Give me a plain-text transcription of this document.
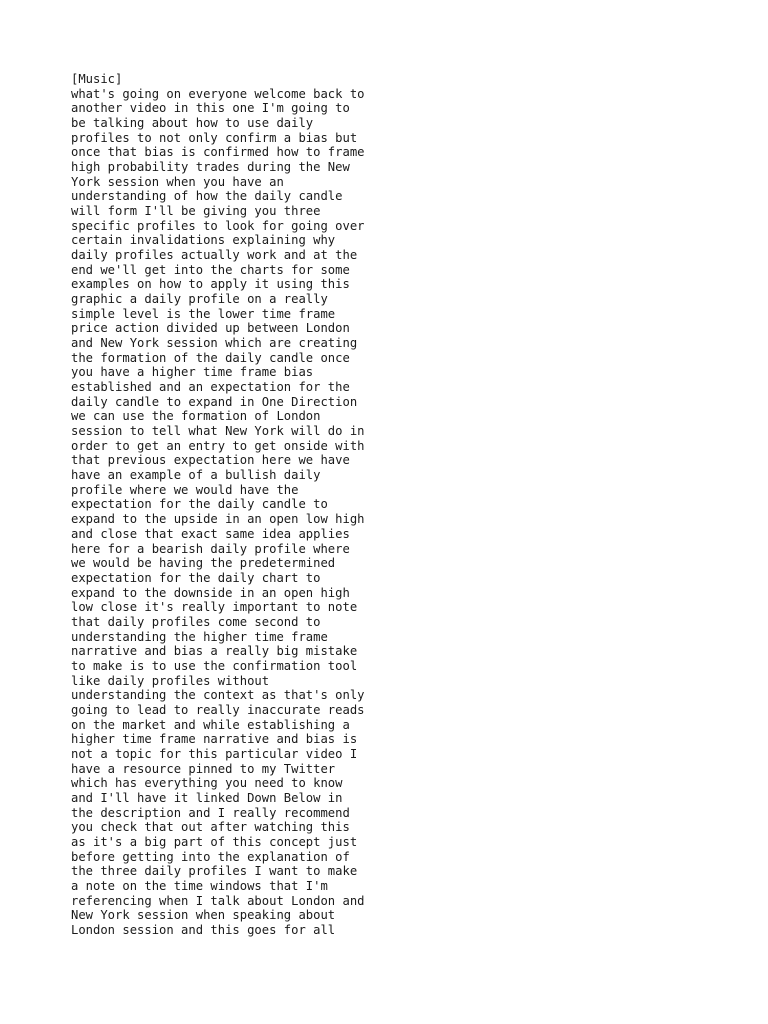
[Music]
what's going on everyone welcome back to
another video in this one I'm going to
be talking about how to use daily
profiles to not only confirm a bias but
once that bias is confirmed how to frame
high probability trades during the New
York session when you have an
understanding of how the daily candle
will form I'll be giving you three
specific profiles to look for going over
certain invalidations explaining why
daily profiles actually work and at the
end we'll get into the charts for some
examples on how to apply it using this
graphic a daily profile on a really
simple level is the lower time frame
price action divided up between London
and New York session which are creating
the formation of the daily candle once
you have a higher time frame bias
established and an expectation for the
daily candle to expand in One Direction
we can use the formation of London
session to tell what New York will do in
order to get an entry to get onside with
that previous expectation here we have
have an example of a bullish daily
profile where we would have the
expectation for the daily candle to
expand to the upside in an open low high
and close that exact same idea applies
here for a bearish daily profile where
we would be having the predetermined
expectation for the daily chart to
expand to the downside in an open high
low close it's really important to note
that daily profiles come second to
understanding the higher time frame
narrative and bias a really big mistake
to make is to use the confirmation tool
like daily profiles without
understanding the context as that's only
going to lead to really inaccurate reads
on the market and while establishing a
higher time frame narrative and bias is
not a topic for this particular video I
have a resource pinned to my Twitter
which has everything you need to know
and I'll have it linked Down Below in
the description and I really recommend
you check that out after watching this
as it's a big part of this concept just
before getting into the explanation of
the three daily profiles I want to make
a note on the time windows that I'm
referencing when I talk about London and
New York session when speaking about
London session and this goes for all
